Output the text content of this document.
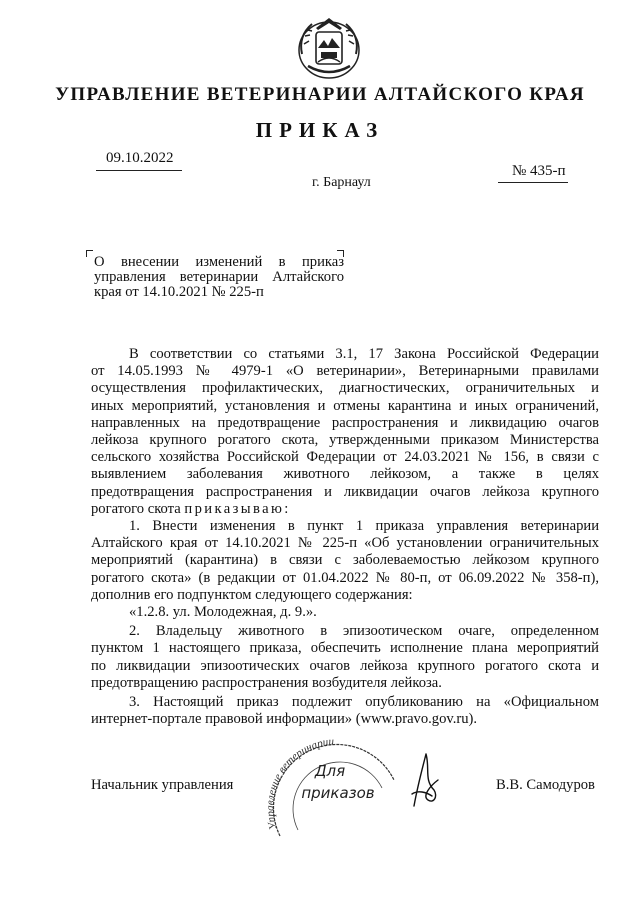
УПРАВЛЕНИЕ ВЕТЕРИНАРИИ АЛТАЙСКОГО КРАЯ
ПРИКАЗ
09.10.2022
г. Барнаул
№ 435-п
О внесении изменений в приказ
управления ветеринарии Алтайского
края от 14.10.2021 № 225-п
В соответствии со статьями 3.1, 17 Закона Российской Федерации
от 14.05.1993 № 4979-1 «О ветеринарии», Ветеринарными правилами
осуществления профилактических, диагностических, ограничительных и
иных мероприятий, установления и отмены карантина и иных ограничений,
направленных на предотвращение распространения и ликвидацию очагов
лейкоза крупного рогатого скота, утвержденными приказом Министерства
сельского хозяйства Российской Федерации от 24.03.2021 № 156, в связи с
выявлением заболевания животного лейкозом, а также в целях
предотвращения распространения и ликвидации очагов лейкоза крупного
рогатого скота приказываю:
1. Внести изменения в пункт 1 приказа управления ветеринарии
Алтайского края от 14.10.2021 № 225-п «Об установлении ограничительных
мероприятий (карантина) в связи с заболеваемостью лейкозом крупного
рогатого скота» (в редакции от 01.04.2022 № 80-п, от 06.09.2022 № 358-п),
дополнив его подпунктом следующего содержания:
«1.2.8. ул. Молодежная, д. 9.».
2. Владельцу животного в эпизоотическом очаге, определенном
пунктом 1 настоящего приказа, обеспечить исполнение плана мероприятий
по ликвидации эпизоотических очагов лейкоза крупного рогатого скота и
предотвращению распространения возбудителя лейкоза.
3. Настоящий приказ подлежит опубликованию на «Официальном
интернет-портале правовой информации» (www.pravo.gov.ru).
Начальник управления
Управление ветеринарии
Для
приказов	В.В. Самодуров
